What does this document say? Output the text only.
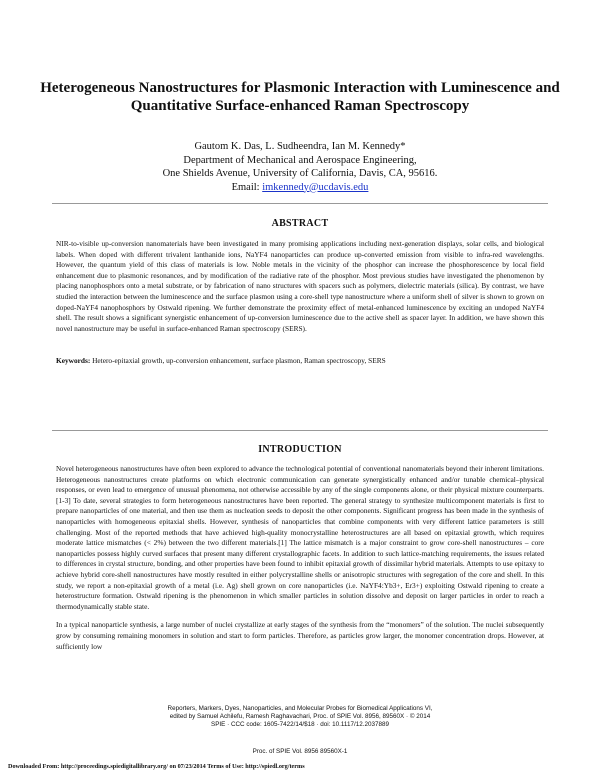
Heterogeneous Nanostructures for Plasmonic Interaction with Luminescence and Quantitative Surface-enhanced Raman Spectroscopy
Gautom K. Das, L. Sudheendra, Ian M. Kennedy*
Department of Mechanical and Aerospace Engineering,
One Shields Avenue, University of California, Davis, CA, 95616.
Email: imkennedy@ucdavis.edu
ABSTRACT
NIR-to-visible up-conversion nanomaterials have been investigated in many promising applications including next-generation displays, solar cells, and biological labels. When doped with different trivalent lanthanide ions, NaYF4 nanoparticles can produce up-converted emission from visible to infra-red wavelengths. However, the quantum yield of this class of materials is low. Noble metals in the vicinity of the phosphor can increase the phosphorescence by local field enhancement due to plasmonic resonances, and by modification of the radiative rate of the phosphor. Most previous studies have investigated the phenomenon by placing nanophosphors onto a metal substrate, or by fabrication of nano structures with spacers such as polymers, dielectric materials (silica). By contrast, we have studied the interaction between the luminescence and the surface plasmon using a core-shell type nanostructure where a uniform shell of silver is shown to grown on doped-NaYF4 nanophosphors by Ostwald ripening. We further demonstrate the proximity effect of metal-enhanced luminescence by exciting an undoped NaYF4 shell. The result shows a significant synergistic enhancement of up-conversion luminescence due to the active shell as spacer layer. In addition, we have shown this novel nanostructure may be useful in surface-enhanced Raman spectroscopy (SERS).
Keywords: Hetero-epitaxial growth, up-conversion enhancement, surface plasmon, Raman spectroscopy, SERS
INTRODUCTION

Novel heterogeneous nanostructures have often been explored to advance the technological potential of conventional nanomaterials beyond their inherent limitations. Heterogeneous nanostructures create platforms on which electronic communication can generate synergistically enhanced and/or tunable chemical–physical responses, or even lead to emergence of unusual phenomena, not otherwise accessible by any of the single components alone, or their physical mixture counterparts.[1-3] To date, several strategies to form heterogeneous nanostructures have been reported. The general strategy to synthesize multicomponent materials is first to prepare nanoparticles of one material, and then use them as nucleation seeds to deposit the other components. Significant progress has been made in the synthesis of nanoparticles with homogeneous epitaxial shells. However, synthesis of nanoparticles that combine components with very different lattice parameters is still challenging. Most of the reported methods that have achieved high-quality monocrystalline heterostructures are all based on epitaxial growth, which requires moderate lattice mismatches (< 2%) between the two different materials.[1] The lattice mismatch is a major constraint to grow core-shell nanostructures – core nanoparticles possess highly curved surfaces that present many different crystallographic facets. In addition to such lattice-matching requirements, the issues related to differences in crystal structure, bonding, and other properties have been found to inhibit epitaxial growth of dissimilar hybrid materials. Attempts to use epitaxy to achieve hybrid core-shell nanostructures have mostly resulted in either polycrystalline shells or anisotropic structures with segregation of the core and shell. In this study, we report a non-epitaxial growth of a metal (i.e. Ag) shell grown on core nanoparticles (i.e. NaYF4:Yb3+, Er3+) exploiting Ostwald ripening to create a heterostructure formation. Ostwald ripening is the phenomenon in which smaller particles in solution dissolve and deposit on larger particles in order to reach a thermodynamically stable state.

In a typical nanoparticle synthesis, a large number of nuclei crystallize at early stages of the synthesis from the “monomers” of the solution. The nuclei subsequently grow by consuming remaining monomers in solution and start to form particles. Therefore, as particles grow larger, the monomer concentration drops. However, at sufficiently low

Reporters, Markers, Dyes, Nanoparticles, and Molecular Probes for Biomedical Applications VI,
edited by Samuel Achilefu, Ramesh Raghavachari, Proc. of SPIE Vol. 8956, 89560X · © 2014
SPIE · CCC code: 1605-7422/14/$18 · doi: 10.1117/12.2037889
Proc. of SPIE Vol. 8956 89560X-1
Downloaded From: http://proceedings.spiedigitallibrary.org/ on 07/23/2014 Terms of Use: http://spiedl.org/terms
